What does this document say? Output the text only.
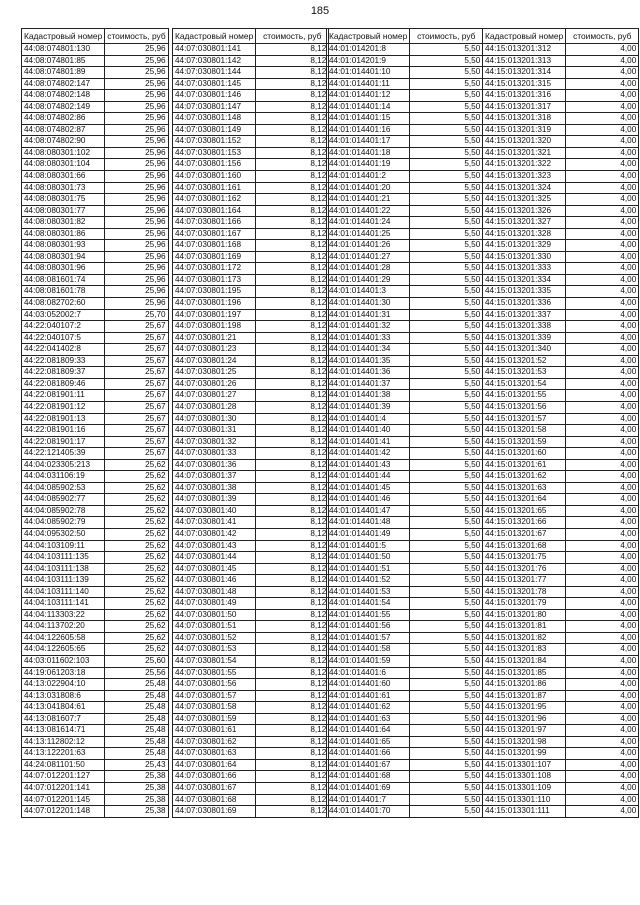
185
Кадастровый номер	стоимость, руб
44:08:074801:130	25,96
44:08:074801:85	25,96
44:08:074801:89	25,96
44:08:074802:147	25,96
44:08:074802:148	25,96
44:08:074802:149	25,96
44:08:074802:86	25,96
44:08:074802:87	25,96
44:08:074802:90	25,96
44:08:080301:102	25,96
44:08:080301:104	25,96
44:08:080301:66	25,96
44:08:080301:73	25,96
44:08:080301:75	25,96
44:08:080301:77	25,96
44:08:080301:82	25,96
44:08:080301:86	25,96
44:08:080301:93	25,96
44:08:080301:94	25,96
44:08:080301:96	25,96
44:08:081601:74	25,96
44:08:081601:78	25,96
44:08:082702:60	25,96
44:03:052002:7	25,70
44:22:040107:2	25,67
44:22:040107:5	25,67
44:22:041402:8	25,67
44:22:081809:33	25,67
44:22:081809:37	25,67
44:22:081809:46	25,67
44:22:081901:11	25,67
44:22:081901:12	25,67
44:22:081901:13	25,67
44:22:081901:16	25,67
44:22:081901:17	25,67
44:22:121405:39	25,67
44:04:023305:213	25,62
44:04:031106:19	25,62
44:04:085902:53	25,62
44:04:085902:77	25,62
44:04:085902:78	25,62
44:04:085902:79	25,62
44:04:095302:50	25,62
44:04:103109:11	25,62
44:04:103111:135	25,62
44:04:103111:138	25,62
44:04:103111:139	25,62
44:04:103111:140	25,62
44:04:103111:141	25,62
44:04:113303:22	25,62
44:04:113702:20	25,62
44:04:122605:58	25,62
44:04:122605:65	25,62
44:03:011602:103	25,60
44:19:061203:18	25,56
44:13:022904:10	25,48
44:13:031808:6	25,48
44:13:041804:61	25,48
44:13:081607:7	25,48
44:13:081614:71	25,48
44:13:112802:12	25,48
44:13:122201:63	25,48
44:24:081101:50	25,43
44:07:012201:127	25,38
44:07:012201:141	25,38
44:07:012201:145	25,38
44:07:012201:148	25,38
Кадастровый номер	стоимость, руб
44:07:030801:141	8,12
44:07:030801:142	8,12
44:07:030801:144	8,12
44:07:030801:145	8,12
44:07:030801:146	8,12
44:07:030801:147	8,12
44:07:030801:148	8,12
44:07:030801:149	8,12
44:07:030801:152	8,12
44:07:030801:153	8,12
44:07:030801:156	8,12
44:07:030801:160	8,12
44:07:030801:161	8,12
44:07:030801:162	8,12
44:07:030801:164	8,12
44:07:030801:166	8,12
44:07:030801:167	8,12
44:07:030801:168	8,12
44:07:030801:169	8,12
44:07:030801:172	8,12
44:07:030801:173	8,12
44:07:030801:195	8,12
44:07:030801:196	8,12
44:07:030801:197	8,12
44:07:030801:198	8,12
44:07:030801:21	8,12
44:07:030801:23	8,12
44:07:030801:24	8,12
44:07:030801:25	8,12
44:07:030801:26	8,12
44:07:030801:27	8,12
44:07:030801:28	8,12
44:07:030801:30	8,12
44:07:030801:31	8,12
44:07:030801:32	8,12
44:07:030801:33	8,12
44:07:030801:36	8,12
44:07:030801:37	8,12
44:07:030801:38	8,12
44:07:030801:39	8,12
44:07:030801:40	8,12
44:07:030801:41	8,12
44:07:030801:42	8,12
44:07:030801:43	8,12
44:07:030801:44	8,12
44:07:030801:45	8,12
44:07:030801:46	8,12
44:07:030801:48	8,12
44:07:030801:49	8,12
44:07:030801:50	8,12
44:07:030801:51	8,12
44:07:030801:52	8,12
44:07:030801:53	8,12
44:07:030801:54	8,12
44:07:030801:55	8,12
44:07:030801:56	8,12
44:07:030801:57	8,12
44:07:030801:58	8,12
44:07:030801:59	8,12
44:07:030801:61	8,12
44:07:030801:62	8,12
44:07:030801:63	8,12
44:07:030801:64	8,12
44:07:030801:66	8,12
44:07:030801:67	8,12
44:07:030801:68	8,12
44:07:030801:69	8,12
Кадастровый номер	стоимость, руб
44:01:014201:8	5,50
44:01:014201:9	5,50
44:01:014401:10	5,50
44:01:014401:11	5,50
44:01:014401:12	5,50
44:01:014401:14	5,50
44:01:014401:15	5,50
44:01:014401:16	5,50
44:01:014401:17	5,50
44:01:014401:18	5,50
44:01:014401:19	5,50
44:01:014401:2	5,50
44:01:014401:20	5,50
44:01:014401:21	5,50
44:01:014401:22	5,50
44:01:014401:24	5,50
44:01:014401:25	5,50
44:01:014401:26	5,50
44:01:014401:27	5,50
44:01:014401:28	5,50
44:01:014401:29	5,50
44:01:014401:3	5,50
44:01:014401:30	5,50
44:01:014401:31	5,50
44:01:014401:32	5,50
44:01:014401:33	5,50
44:01:014401:34	5,50
44:01:014401:35	5,50
44:01:014401:36	5,50
44:01:014401:37	5,50
44:01:014401:38	5,50
44:01:014401:39	5,50
44:01:014401:4	5,50
44:01:014401:40	5,50
44:01:014401:41	5,50
44:01:014401:42	5,50
44:01:014401:43	5,50
44:01:014401:44	5,50
44:01:014401:45	5,50
44:01:014401:46	5,50
44:01:014401:47	5,50
44:01:014401:48	5,50
44:01:014401:49	5,50
44:01:014401:5	5,50
44:01:014401:50	5,50
44:01:014401:51	5,50
44:01:014401:52	5,50
44:01:014401:53	5,50
44:01:014401:54	5,50
44:01:014401:55	5,50
44:01:014401:56	5,50
44:01:014401:57	5,50
44:01:014401:58	5,50
44:01:014401:59	5,50
44:01:014401:6	5,50
44:01:014401:60	5,50
44:01:014401:61	5,50
44:01:014401:62	5,50
44:01:014401:63	5,50
44:01:014401:64	5,50
44:01:014401:65	5,50
44:01:014401:66	5,50
44:01:014401:67	5,50
44:01:014401:68	5,50
44:01:014401:69	5,50
44:01:014401:7	5,50
44:01:014401:70	5,50
Кадастровый номер	стоимость, руб
44:15:013201:312	4,00
44:15:013201:313	4,00
44:15:013201:314	4,00
44:15:013201:315	4,00
44:15:013201:316	4,00
44:15:013201:317	4,00
44:15:013201:318	4,00
44:15:013201:319	4,00
44:15:013201:320	4,00
44:15:013201:321	4,00
44:15:013201:322	4,00
44:15:013201:323	4,00
44:15:013201:324	4,00
44:15:013201:325	4,00
44:15:013201:326	4,00
44:15:013201:327	4,00
44:15:013201:328	4,00
44:15:013201:329	4,00
44:15:013201:330	4,00
44:15:013201:333	4,00
44:15:013201:334	4,00
44:15:013201:335	4,00
44:15:013201:336	4,00
44:15:013201:337	4,00
44:15:013201:338	4,00
44:15:013201:339	4,00
44:15:013201:340	4,00
44:15:013201:52	4,00
44:15:013201:53	4,00
44:15:013201:54	4,00
44:15:013201:55	4,00
44:15:013201:56	4,00
44:15:013201:57	4,00
44:15:013201:58	4,00
44:15:013201:59	4,00
44:15:013201:60	4,00
44:15:013201:61	4,00
44:15:013201:62	4,00
44:15:013201:63	4,00
44:15:013201:64	4,00
44:15:013201:65	4,00
44:15:013201:66	4,00
44:15:013201:67	4,00
44:15:013201:68	4,00
44:15:013201:75	4,00
44:15:013201:76	4,00
44:15:013201:77	4,00
44:15:013201:78	4,00
44:15:013201:79	4,00
44:15:013201:80	4,00
44:15:013201:81	4,00
44:15:013201:82	4,00
44:15:013201:83	4,00
44:15:013201:84	4,00
44:15:013201:85	4,00
44:15:013201:86	4,00
44:15:013201:87	4,00
44:15:013201:95	4,00
44:15:013201:96	4,00
44:15:013201:97	4,00
44:15:013201:98	4,00
44:15:013201:99	4,00
44:15:013301:107	4,00
44:15:013301:108	4,00
44:15:013301:109	4,00
44:15:013301:110	4,00
44:15:013301:111	4,00
